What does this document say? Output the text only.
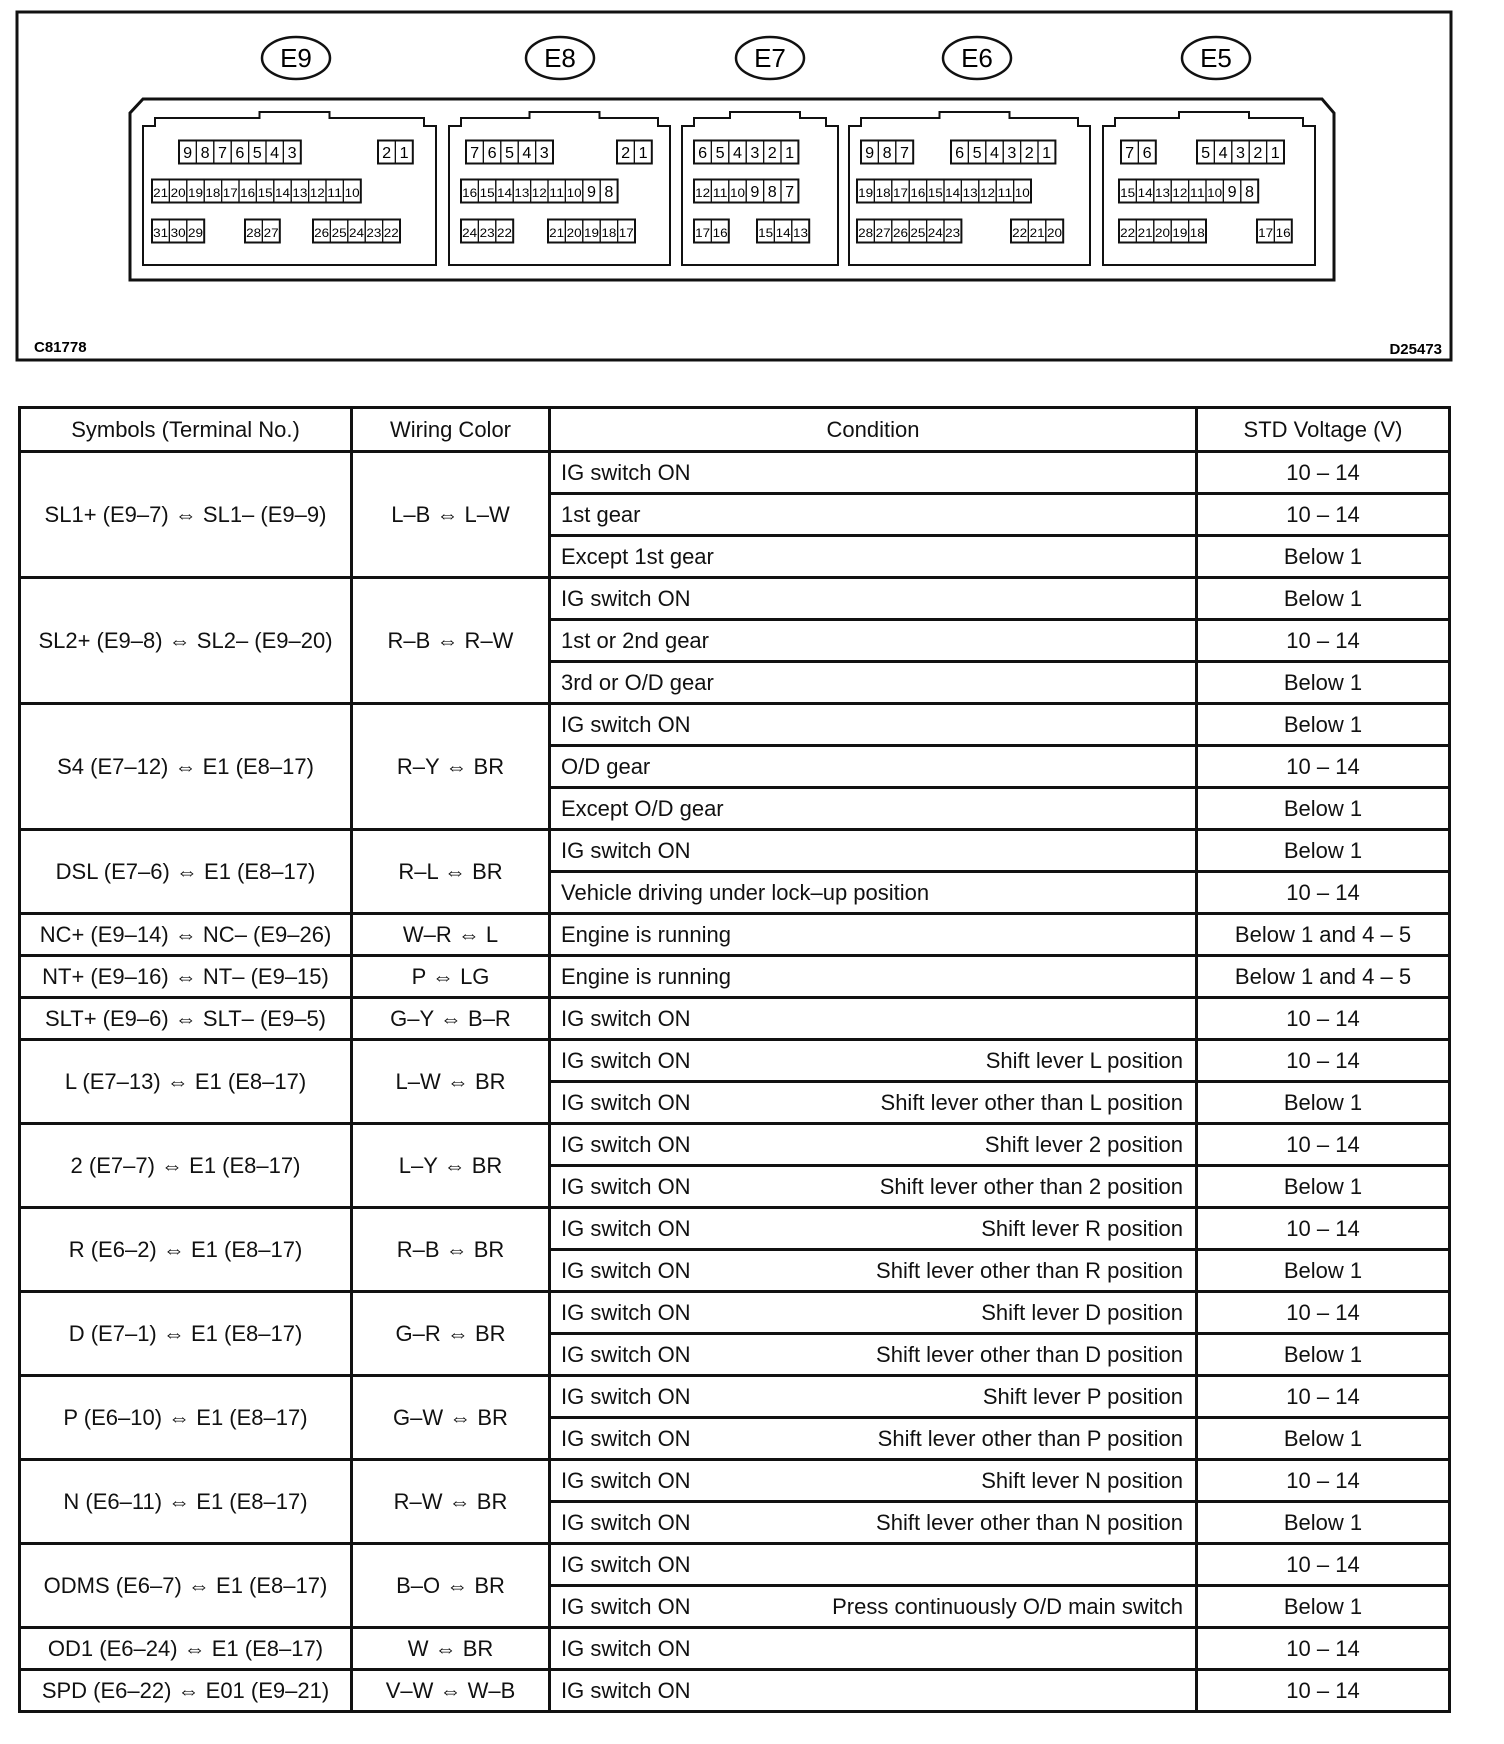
E9
9 8 7 6 5 4 3	2 1
21 20 19 18 17 16 15 14 13 12 11 10
31 30 29	28 27	26 25 24 23 22
E8
7 6 5 4 3	2 1
16 15 14 13 12 11 10 9 8
24 23 22	21 20 19 18 17
E7
6 5 4 3 2 1
12 11 10 9 8 7
17 16	15 14 13
E6
9 8 7	6 5 4 3 2 1
19 18 17 16 15 14 13 12 11 10
28 27 26 25 24 23	22 21 20
E5
7 6	5 4 3 2 1
15 14 13 12 11 10 9 8
22 21 20 19 18	17 16
C81778	D25473
Symbols (Terminal No.)	Wiring Color	Condition	STD Voltage (V)
SL1+ (E9–7) ⇔ SL1– (E9–9)	L–B ⇔ L–W	IG switch ON	10 – 14

		1st gear	10 – 14

		Except 1st gear	Below 1
SL2+ (E9–8) ⇔ SL2– (E9–20)	R–B ⇔ R–W	IG switch ON	Below 1

		1st or 2nd gear	10 – 14

		3rd or O/D gear	Below 1
S4 (E7–12) ⇔ E1 (E8–17)	R–Y ⇔ BR	IG switch ON	Below 1

		O/D gear	10 – 14

		Except O/D gear	Below 1
DSL (E7–6) ⇔ E1 (E8–17)	R–L ⇔ BR	IG switch ON	Below 1

		Vehicle driving under lock–up position	10 – 14
NC+ (E9–14) ⇔ NC– (E9–26)	W–R ⇔ L	Engine is running	Below 1 and 4 – 5
NT+ (E9–16) ⇔ NT– (E9–15)	P ⇔ LG	Engine is running	Below 1 and 4 – 5
SLT+ (E9–6) ⇔ SLT– (E9–5)	G–Y ⇔ B–R	IG switch ON	10 – 14
L (E7–13) ⇔ E1 (E8–17)	L–W ⇔ BR	IG switch ON Shift lever L position	10 – 14

		IG switch ON Shift lever other than L position	Below 1
2 (E7–7) ⇔ E1 (E8–17)	L–Y ⇔ BR	IG switch ON Shift lever 2 position	10 – 14

		IG switch ON Shift lever other than 2 position	Below 1
R (E6–2) ⇔ E1 (E8–17)	R–B ⇔ BR	IG switch ON Shift lever R position	10 – 14

		IG switch ON Shift lever other than R position	Below 1
D (E7–1) ⇔ E1 (E8–17)	G–R ⇔ BR	IG switch ON Shift lever D position	10 – 14

		IG switch ON Shift lever other than D position	Below 1
P (E6–10) ⇔ E1 (E8–17)	G–W ⇔ BR	IG switch ON Shift lever P position	10 – 14

		IG switch ON Shift lever other than P position	Below 1
N (E6–11) ⇔ E1 (E8–17)	R–W ⇔ BR	IG switch ON Shift lever N position	10 – 14

		IG switch ON Shift lever other than N position	Below 1
ODMS (E6–7) ⇔ E1 (E8–17)	B–O ⇔ BR	IG switch ON	10 – 14

		IG switch ON Press continuously O/D main switch	Below 1
OD1 (E6–24) ⇔ E1 (E8–17)	W ⇔ BR	IG switch ON	10 – 14
SPD (E6–22) ⇔ E01 (E9–21)	V–W ⇔ W–B	IG switch ON	10 – 14
